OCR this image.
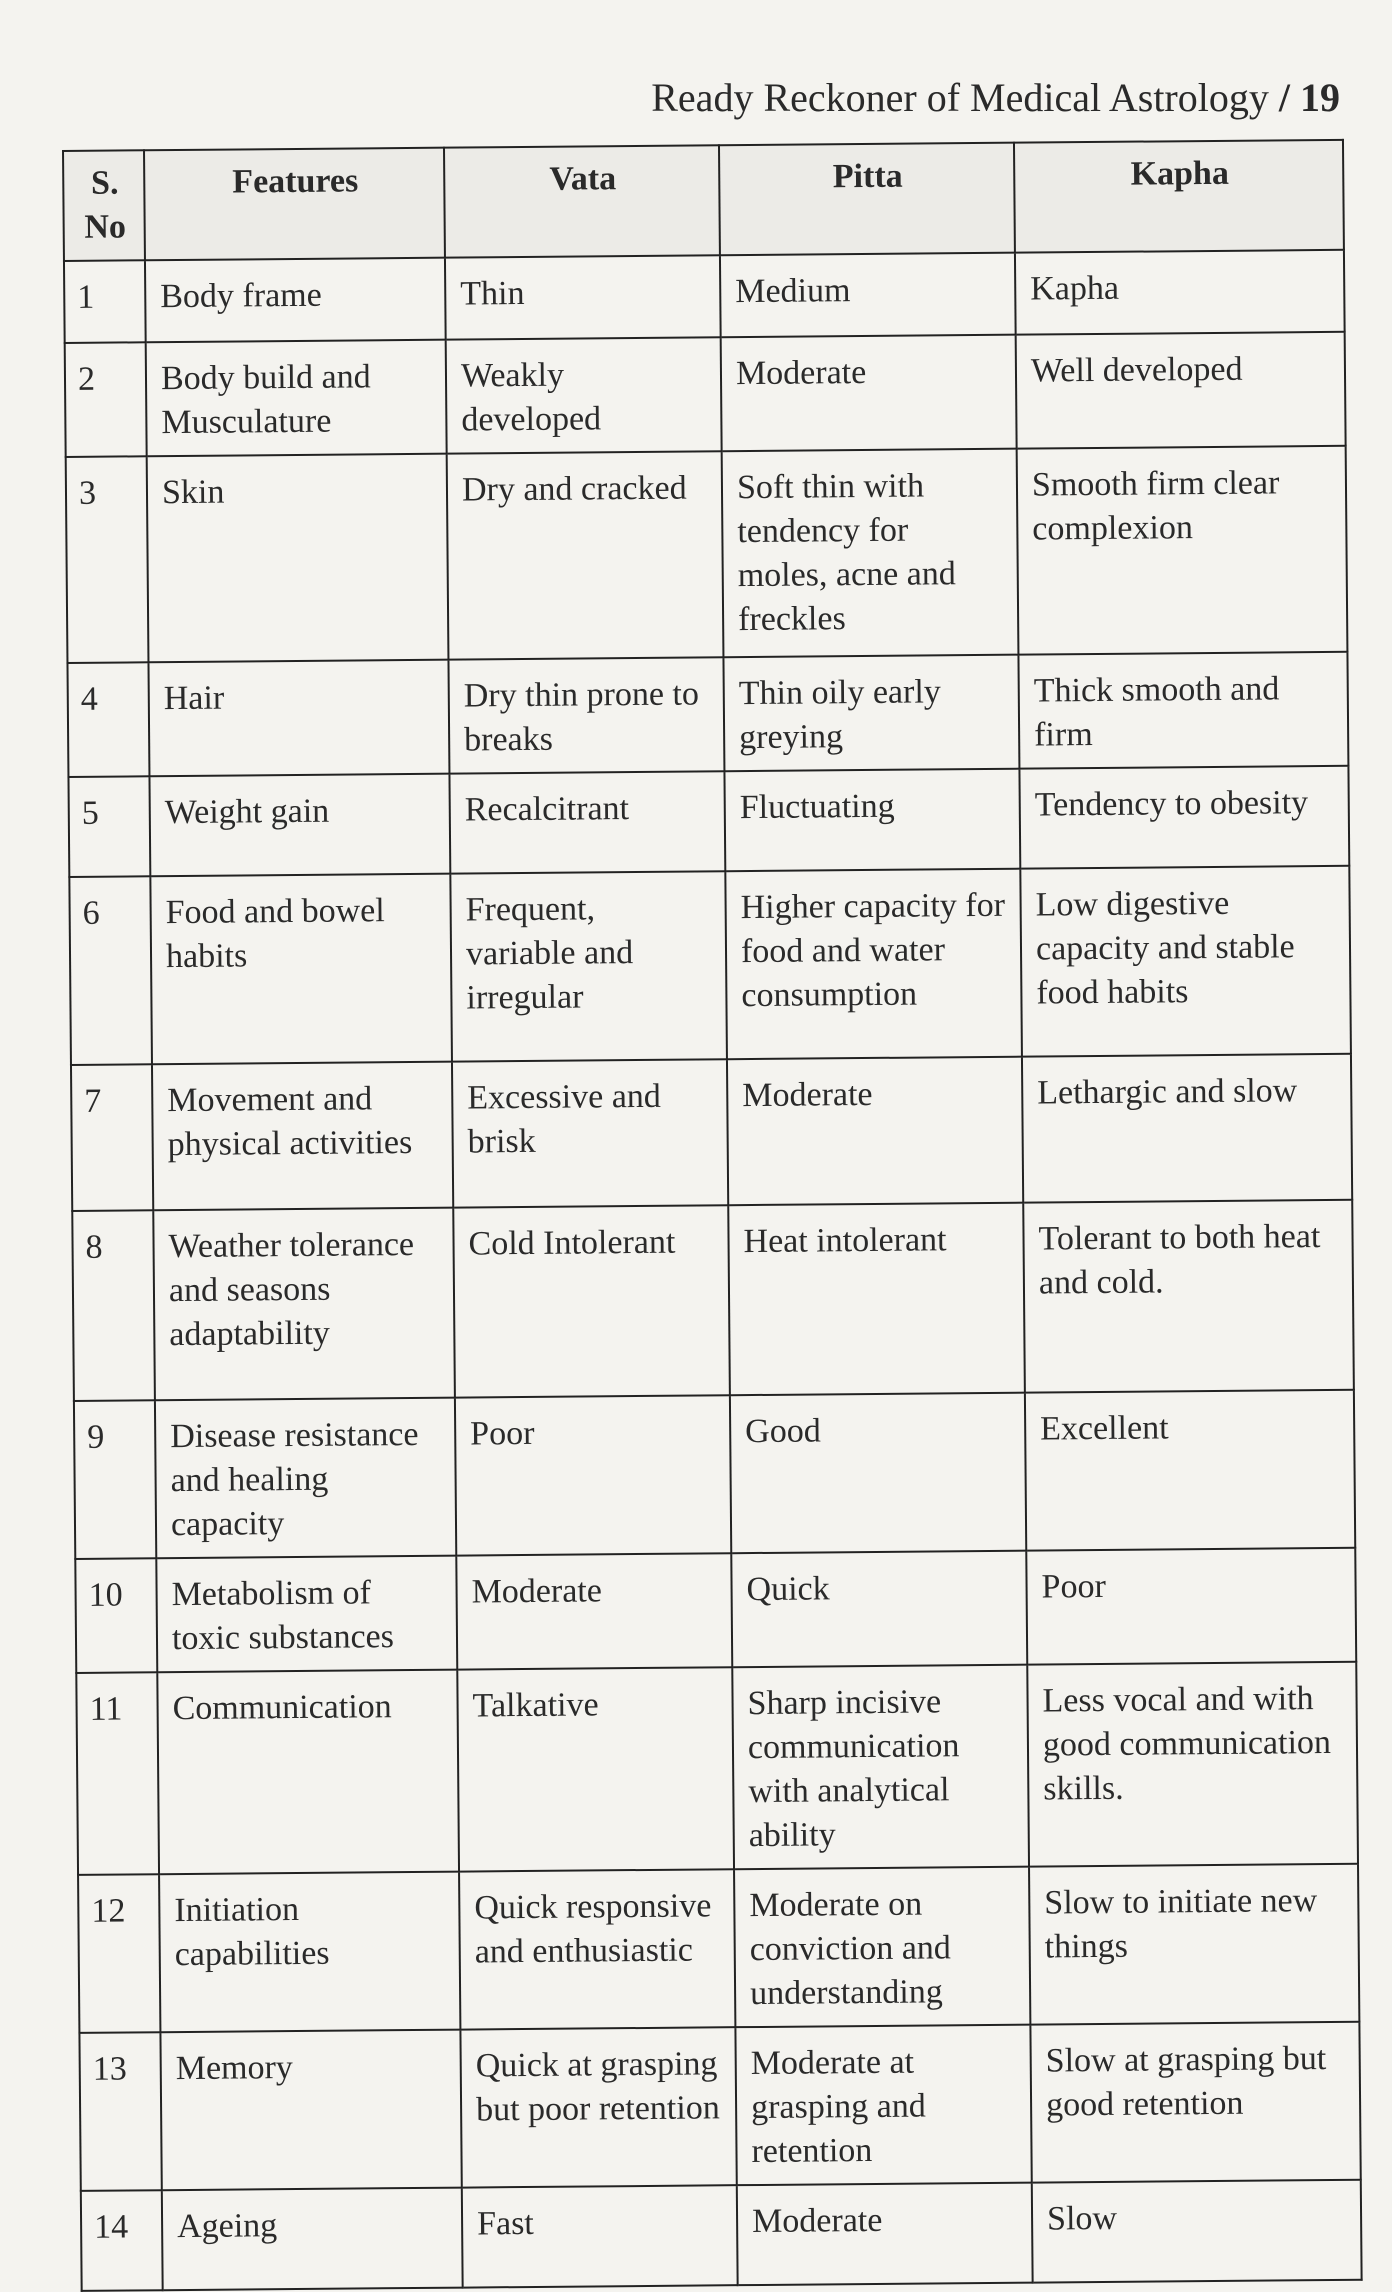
Ready Reckoner of Medical Astrology / 19
S.
No	Features	Vata	Pitta	Kapha
1	Body frame	Thin	Medium	Kapha
2	Body build and Musculature	Weakly developed	Moderate	Well developed
3	Skin	Dry and cracked	Soft thin with tendency for moles, acne and freckles	Smooth firm clear complexion
4	Hair	Dry thin prone to breaks	Thin oily early greying	Thick smooth and firm
5	Weight gain	Recalcitrant	Fluctuating	Tendency to obesity
6	Food and bowel habits	Frequent, variable and irregular	Higher capacity for food and water consumption	Low digestive capacity and stable food habits
7	Movement and physical activities	Excessive and brisk	Moderate	Lethargic and slow
8	Weather tolerance and seasons adaptability	Cold Intolerant	Heat intolerant	Tolerant to both heat and cold.
9	Disease resistance and healing capacity	Poor	Good	Excellent
10	Metabolism of toxic substances	Moderate	Quick	Poor
11	Communication	Talkative	Sharp incisive communication with analytical ability	Less vocal and with good communication skills.
12	Initiation capabilities	Quick responsive and enthusiastic	Moderate on conviction and understanding	Slow to initiate new things
13	Memory	Quick at grasping but poor retention	Moderate at grasping and retention	Slow at grasping but good retention
14	Ageing	Fast	Moderate	Slow
